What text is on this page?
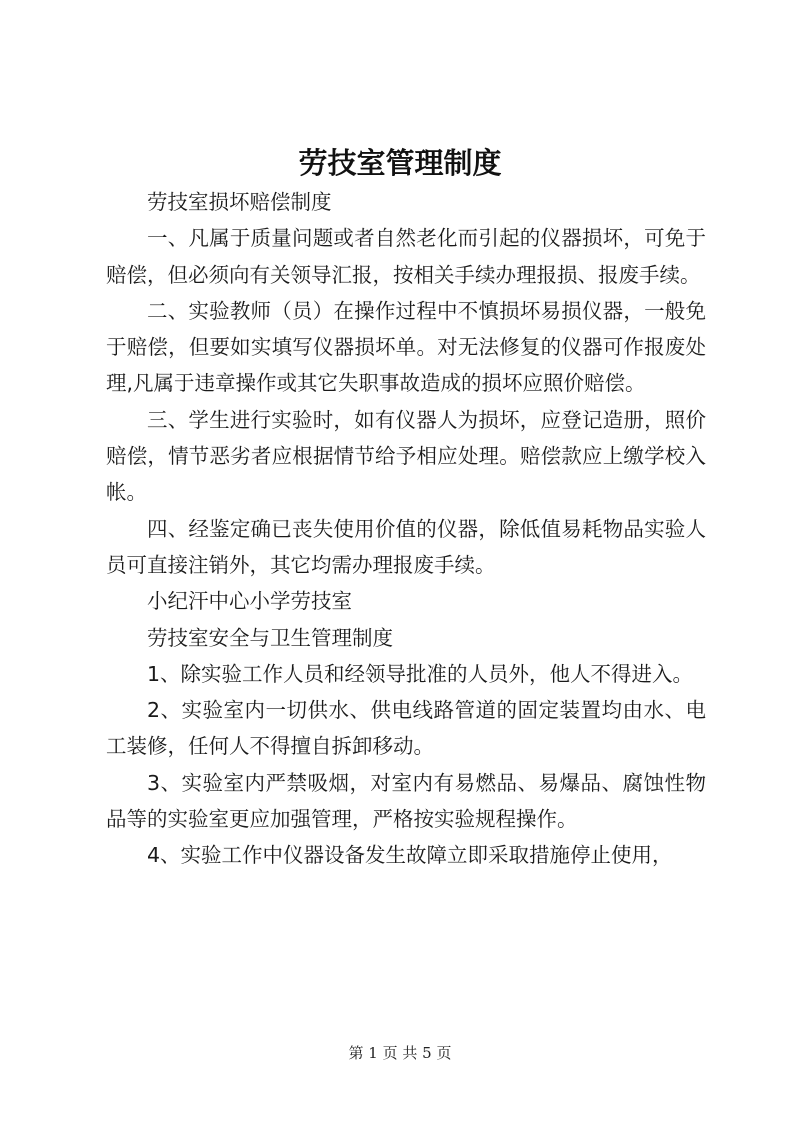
劳技室管理制度

劳技室损坏赔偿制度

一、凡属于质量问题或者自然老化而引起的仪器损坏，可免于赔偿，但必须向有关领导汇报，按相关手续办理报损、报废手续。

二、实验教师（员）在操作过程中不慎损坏易损仪器，一般免于赔偿，但要如实填写仪器损坏单。对无法修复的仪器可作报废处理,凡属于违章操作或其它失职事故造成的损坏应照价赔偿。

三、学生进行实验时，如有仪器人为损坏，应登记造册，照价赔偿，情节恶劣者应根据情节给予相应处理。赔偿款应上缴学校入帐。

四、经鉴定确已丧失使用价值的仪器，除低值易耗物品实验人员可直接注销外，其它均需办理报废手续。

小纪汗中心小学劳技室

劳技室安全与卫生管理制度

1、除实验工作人员和经领导批准的人员外，他人不得进入。

2、实验室内一切供水、供电线路管道的固定装置均由水、电工装修，任何人不得擅自拆卸移动。

3、实验室内严禁吸烟，对室内有易燃品、易爆品、腐蚀性物品等的实验室更应加强管理，严格按实验规程操作。

4、实验工作中仪器设备发生故障立即采取措施停止使用，

第 1 页 共 5 页
